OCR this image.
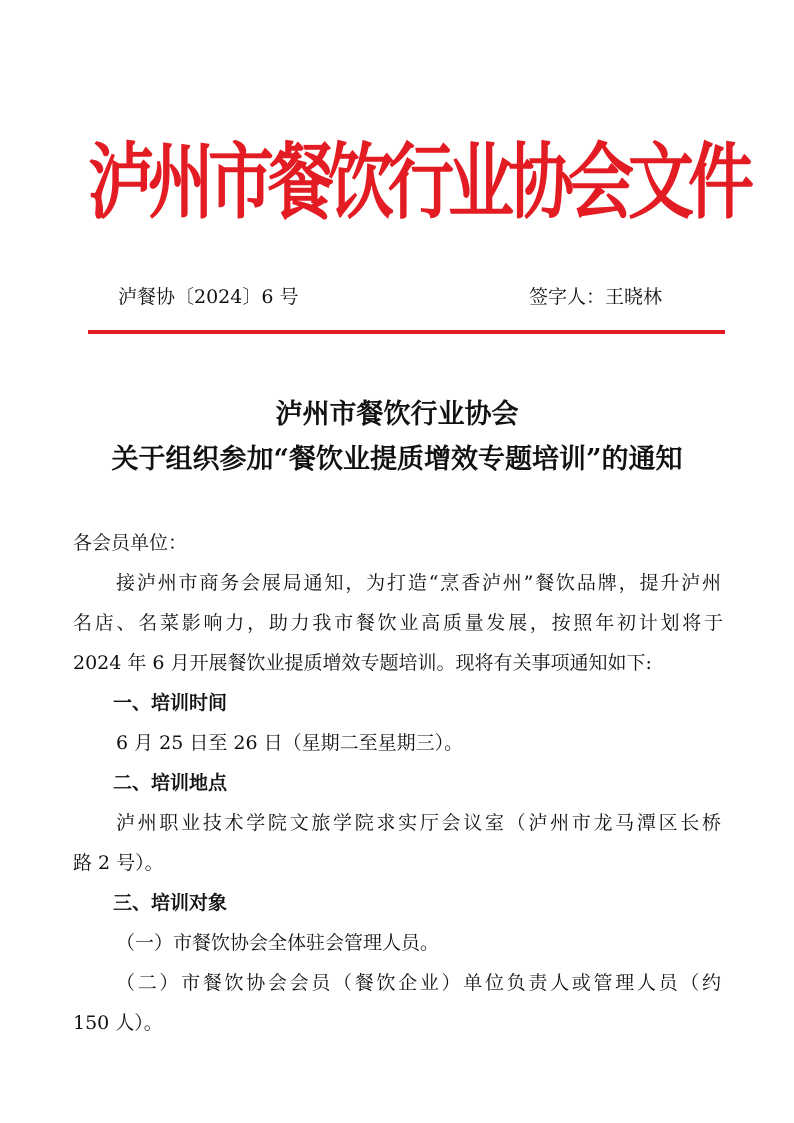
泸州市餐饮行业协会文件
泸餐协〔2024〕6 号	签字人：王晓林
泸州市餐饮行业协会
关于组织参加“餐饮业提质增效专题培训”的通知
各会员单位：
接泸州市商务会展局通知，为打造“烹香泸州”餐饮品牌，提升泸州
名店、名菜影响力，助力我市餐饮业高质量发展，按照年初计划将于
2024 年 6 月开展餐饮业提质增效专题培训。现将有关事项通知如下:
一、培训时间
6 月 25 日至 26 日（星期二至星期三）。
二、培训地点
泸州职业技术学院文旅学院求实厅会议室（泸州市龙马潭区长桥
路 2 号）。
三、培训对象
（一）市餐饮协会全体驻会管理人员。
（二）市餐饮协会会员（餐饮企业）单位负责人或管理人员（约
150 人）。
